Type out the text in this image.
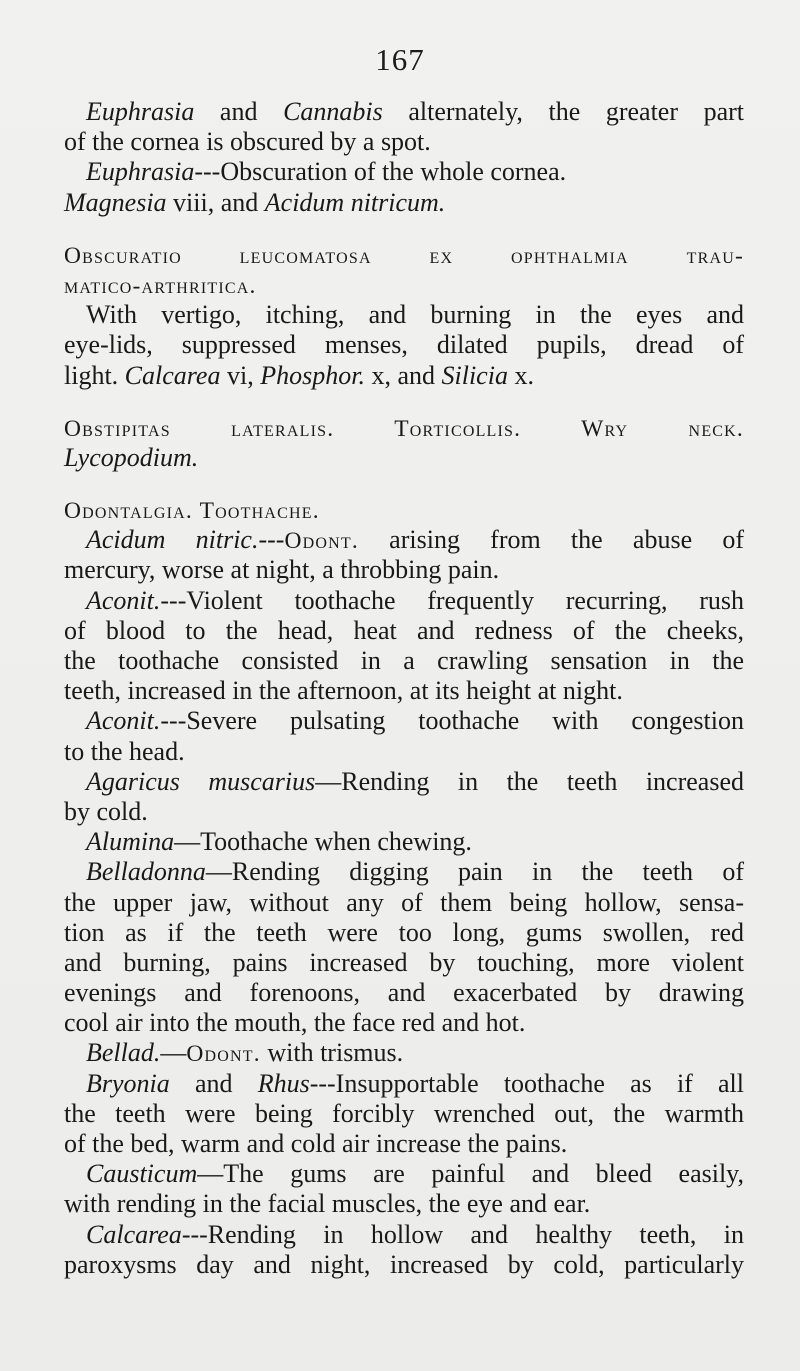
167
Euphrasia and Cannabis alternately, the greater part
of the cornea is obscured by a spot.
Euphrasia---Obscuration of the whole cornea.
Magnesia viii, and Acidum nitricum.
Obscuratio leucomatosa ex ophthalmia trau-
matico-arthritica.
With vertigo, itching, and burning in the eyes and
eye-lids, suppressed menses, dilated pupils, dread of
light. Calcarea vi, Phosphor. x, and Silicia x.
Obstipitas lateralis. Torticollis. Wry neck.
Lycopodium.
Odontalgia. Toothache.
Acidum nitric.---Odont. arising from the abuse of
mercury, worse at night, a throbbing pain.
Aconit.---Violent toothache frequently recurring, rush
of blood to the head, heat and redness of the cheeks,
the toothache consisted in a crawling sensation in the
teeth, increased in the afternoon, at its height at night.
Aconit.---Severe pulsating toothache with congestion
to the head.
Agaricus muscarius—Rending in the teeth increased
by cold.
Alumina—Toothache when chewing.
Belladonna—Rending digging pain in the teeth of
the upper jaw, without any of them being hollow, sensa-
tion as if the teeth were too long, gums swollen, red
and burning, pains increased by touching, more violent
evenings and forenoons, and exacerbated by drawing
cool air into the mouth, the face red and hot.
Bellad.—Odont. with trismus.
Bryonia and Rhus---Insupportable toothache as if all
the teeth were being forcibly wrenched out, the warmth
of the bed, warm and cold air increase the pains.
Causticum—The gums are painful and bleed easily,
with rending in the facial muscles, the eye and ear.
Calcarea---Rending in hollow and healthy teeth, in
paroxysms day and night, increased by cold, particularly
